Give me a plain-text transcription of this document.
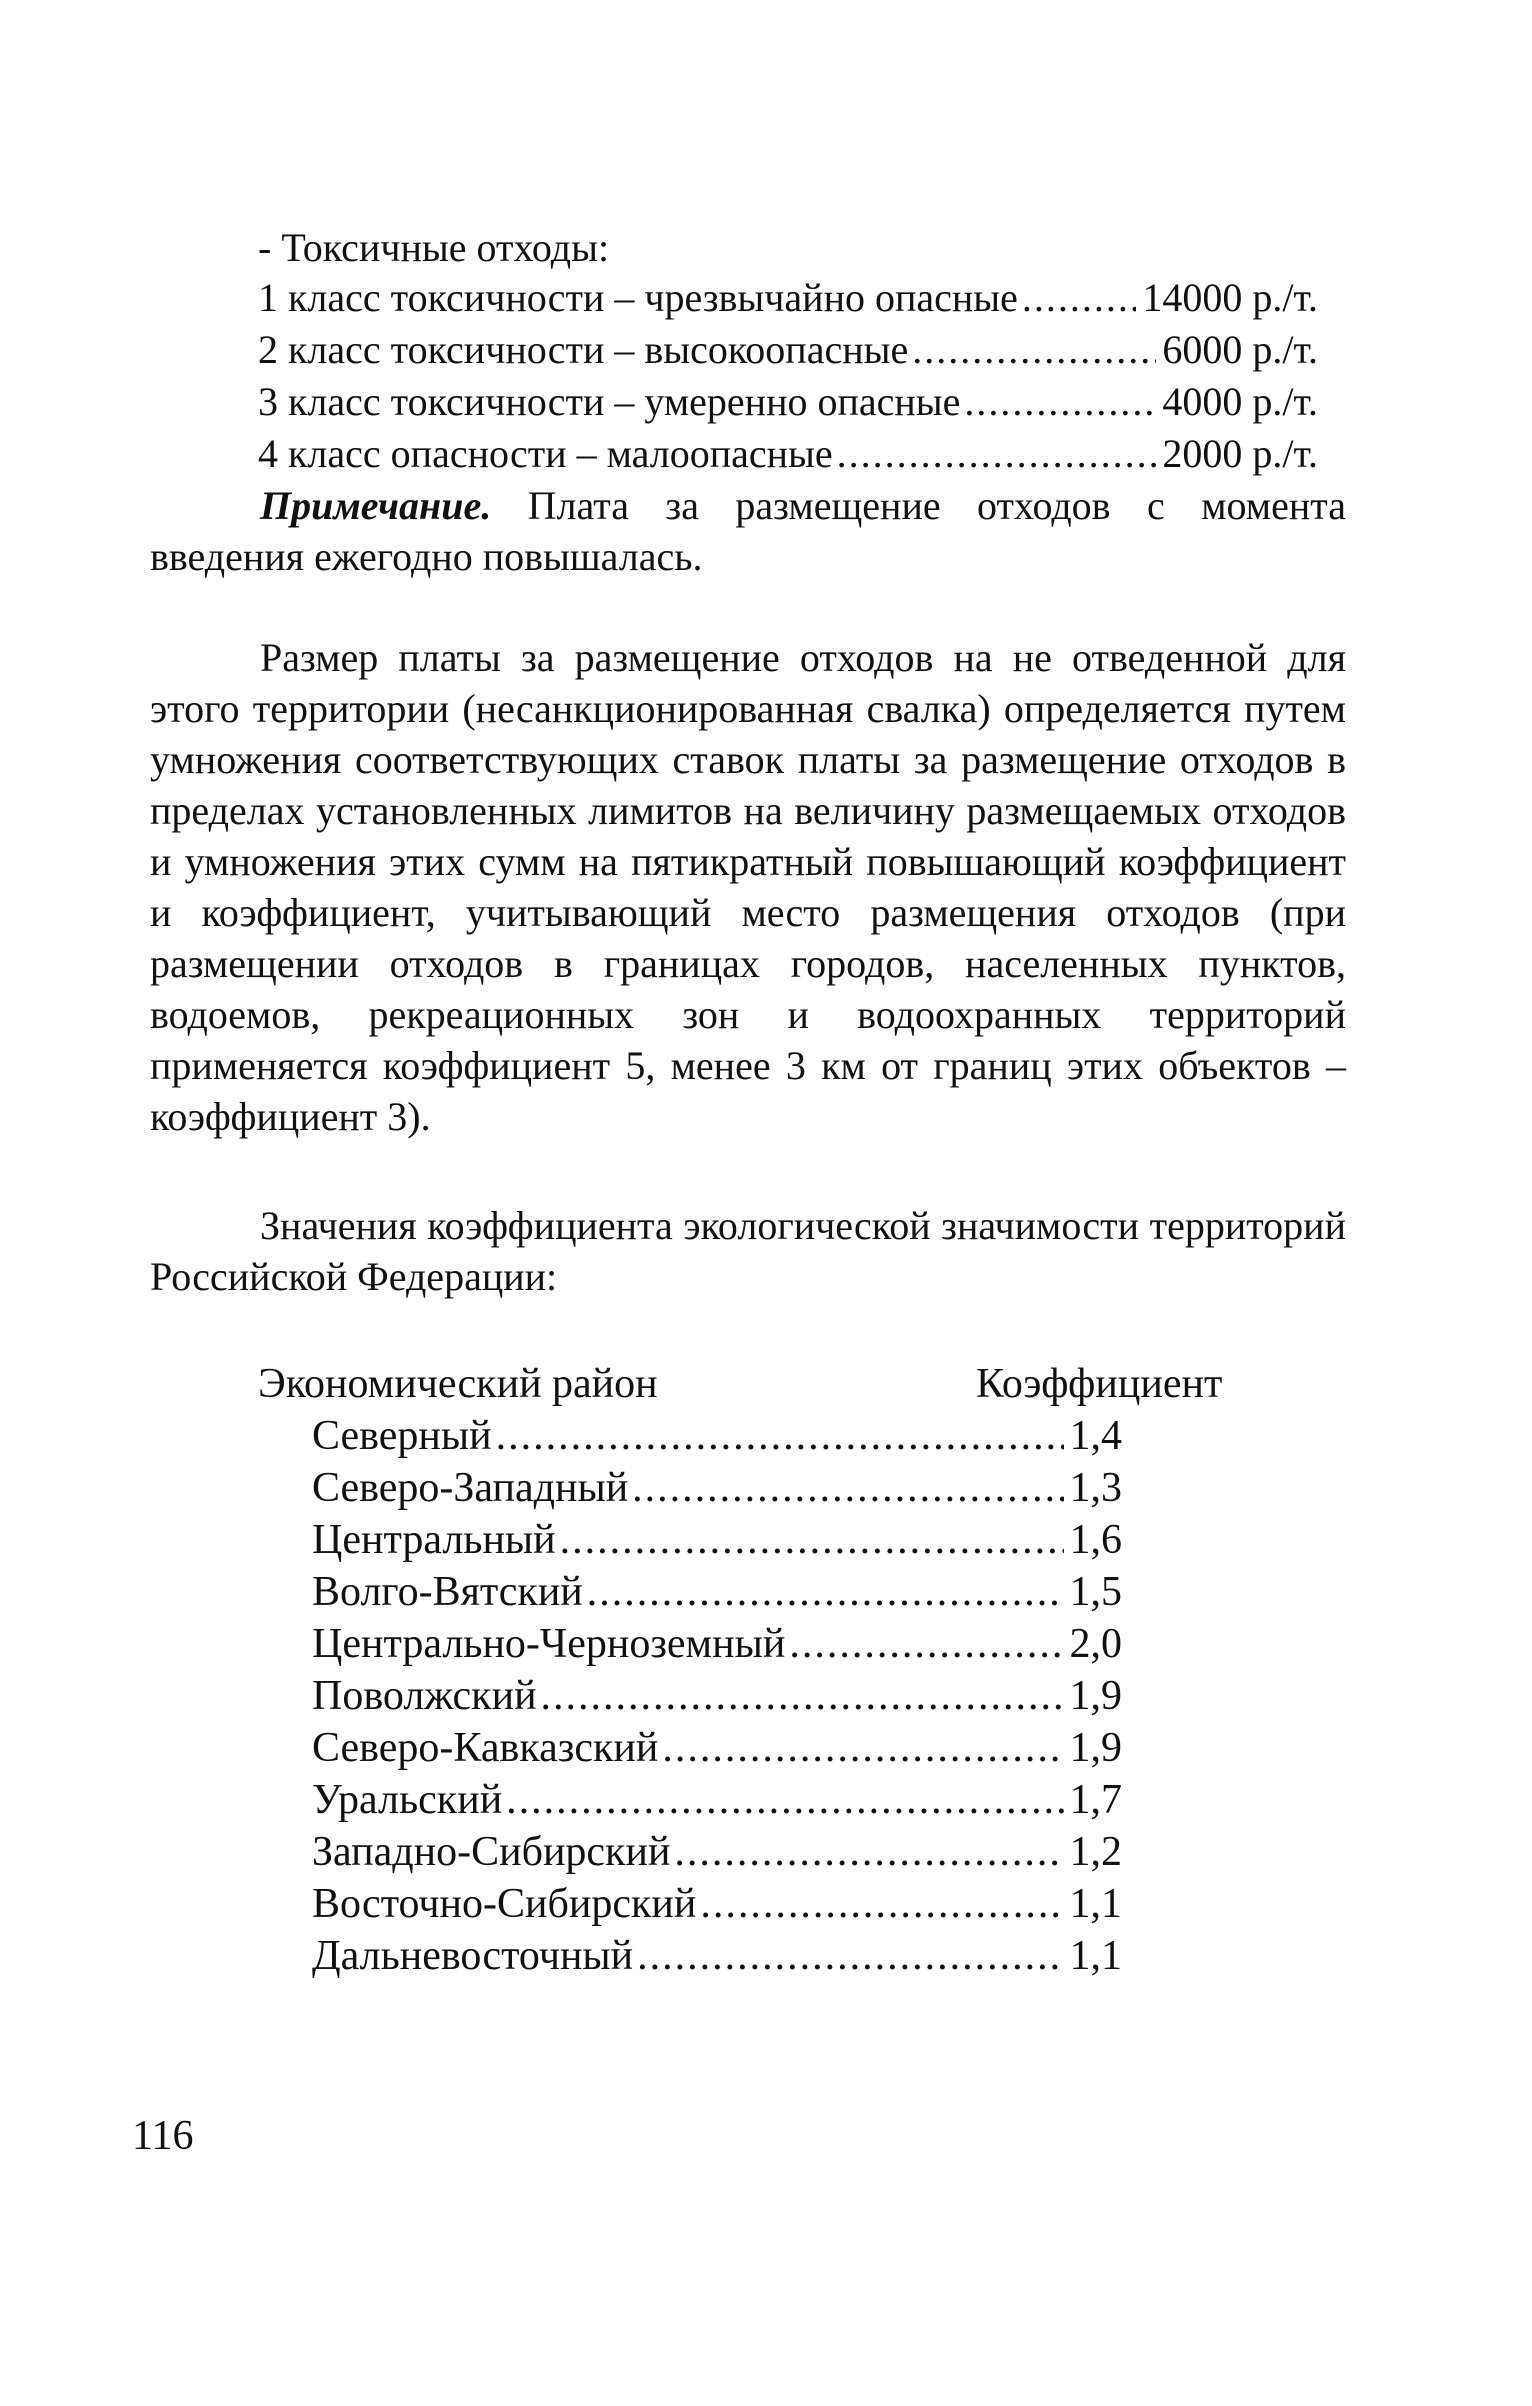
- Токсичные отходы:
1 класс токсичности – чрезвычайно опасные .....	14000 р./т.
2 класс токсичности – высокоопасные .....	6000 р./т.
3 класс токсичности – умеренно опасные .....	4000 р./т.
4 класс опасности – малоопасные .....	2000 р./т.

Примечание. Плата за размещение отходов с момента введения ежегодно повышалась.

Размер платы за размещение отходов на не отведенной для этого территории (несанкционированная свалка) определяется путем умножения соответствующих ставок платы за размещение отходов в пределах установленных лимитов на величину размещаемых отходов и умножения этих сумм на пятикратный повышающий коэффициент и коэффициент, учитывающий место размещения отходов (при размещении отходов в границах городов, населенных пунктов, водоемов, рекреационных зон и водоохранных территорий применяется коэффициент 5, менее 3 км от границ этих объектов – коэффициент 3).

Значения коэффициента экологической значимости территорий Российской Федерации:

Экономический район	Коэффициент
Северный .....	1,4
Северо-Западный .....	1,3
Центральный .....	1,6
Волго-Вятский .....	1,5
Центрально-Черноземный .....	2,0
Поволжский .....	1,9
Северо-Кавказский .....	1,9
Уральский .....	1,7
Западно-Сибирский .....	1,2
Восточно-Сибирский .....	1,1
Дальневосточный .....	1,1
116
